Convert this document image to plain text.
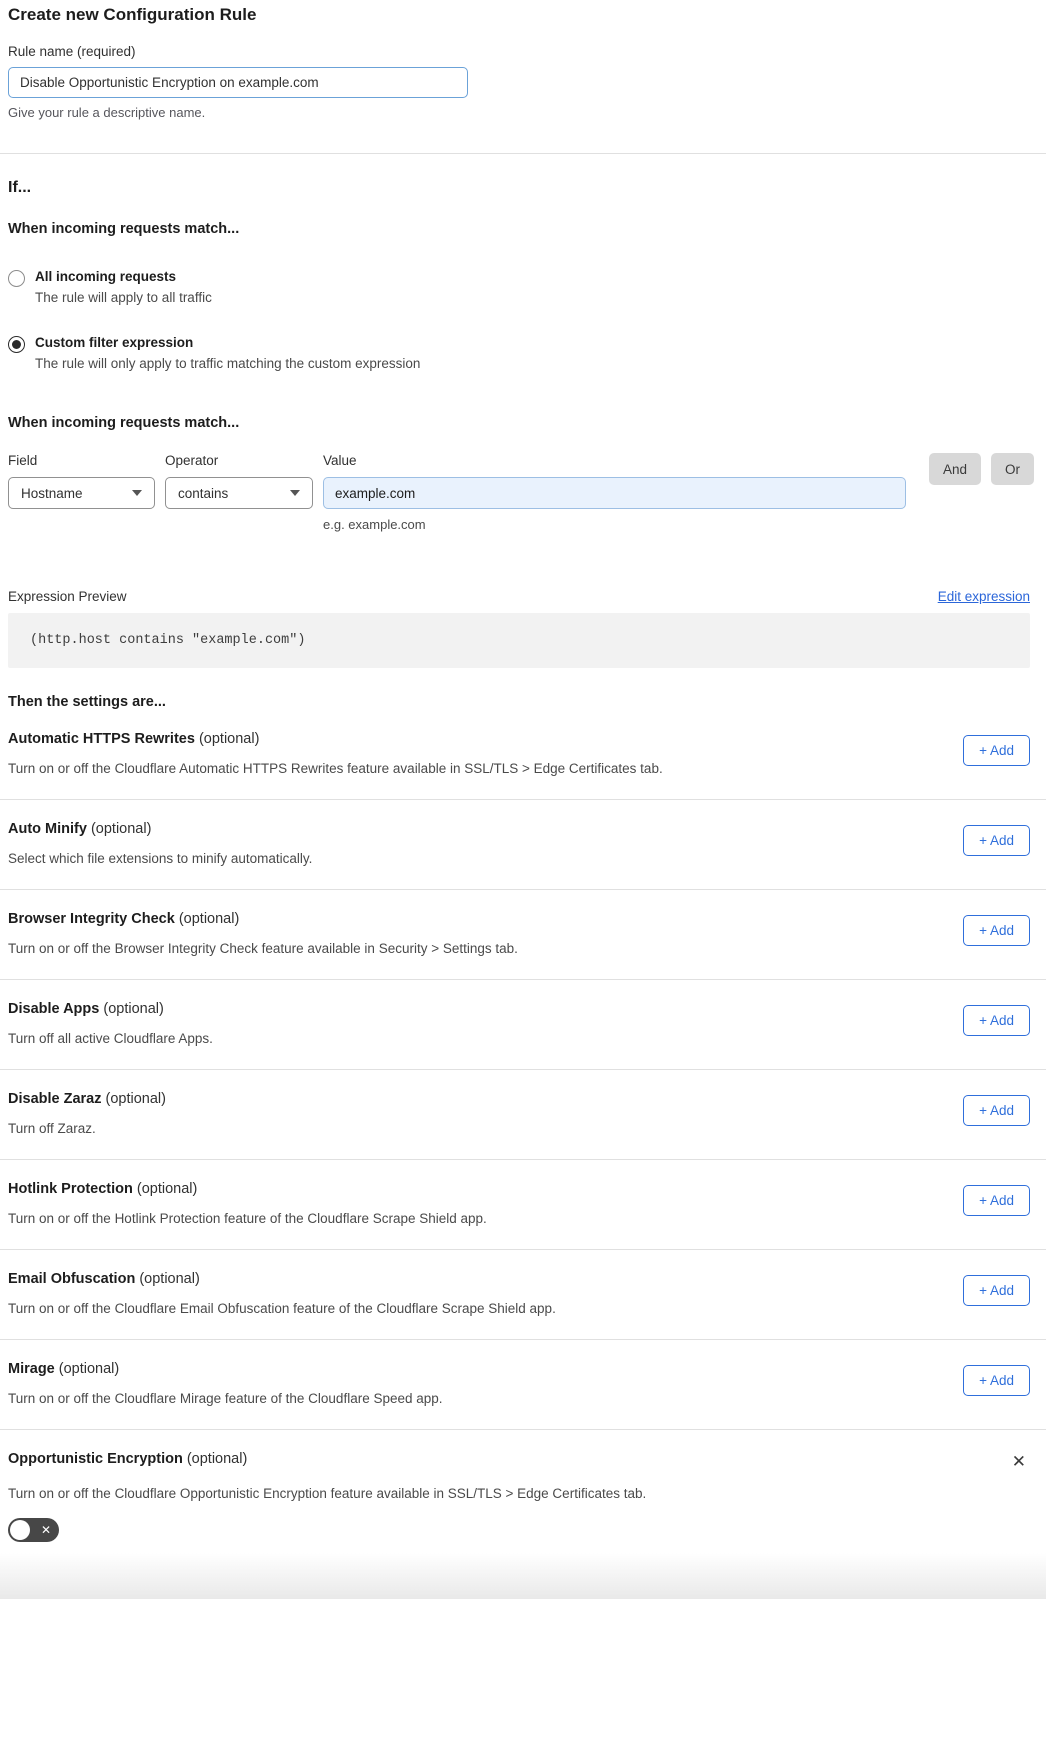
Create new Configuration Rule
Rule name (required)
Disable Opportunistic Encryption on example.com
Give your rule a descriptive name.
If...
When incoming requests match...
All incoming requests
The rule will apply to all traffic
Custom filter expression
The rule will only apply to traffic matching the custom expression
When incoming requests match...
Field
Hostname
Operator
contains
Value
example.com
e.g. example.com
And	Or
Expression Preview	Edit expression
(http.host contains "example.com")
Then the settings are...
Automatic HTTPS Rewrites (optional)
Turn on or off the Cloudflare Automatic HTTPS Rewrites feature available in SSL/TLS > Edge Certificates tab.
+ Add
Auto Minify (optional)
Select which file extensions to minify automatically.
+ Add
Browser Integrity Check (optional)
Turn on or off the Browser Integrity Check feature available in Security > Settings tab.
+ Add
Disable Apps (optional)
Turn off all active Cloudflare Apps.
+ Add
Disable Zaraz (optional)
Turn off Zaraz.
+ Add
Hotlink Protection (optional)
Turn on or off the Hotlink Protection feature of the Cloudflare Scrape Shield app.
+ Add
Email Obfuscation (optional)
Turn on or off the Cloudflare Email Obfuscation feature of the Cloudflare Scrape Shield app.
+ Add
Mirage (optional)
Turn on or off the Cloudflare Mirage feature of the Cloudflare Speed app.
+ Add
Opportunistic Encryption (optional)	✕
Turn on or off the Cloudflare Opportunistic Encryption feature available in SSL/TLS > Edge Certificates tab.
✕
